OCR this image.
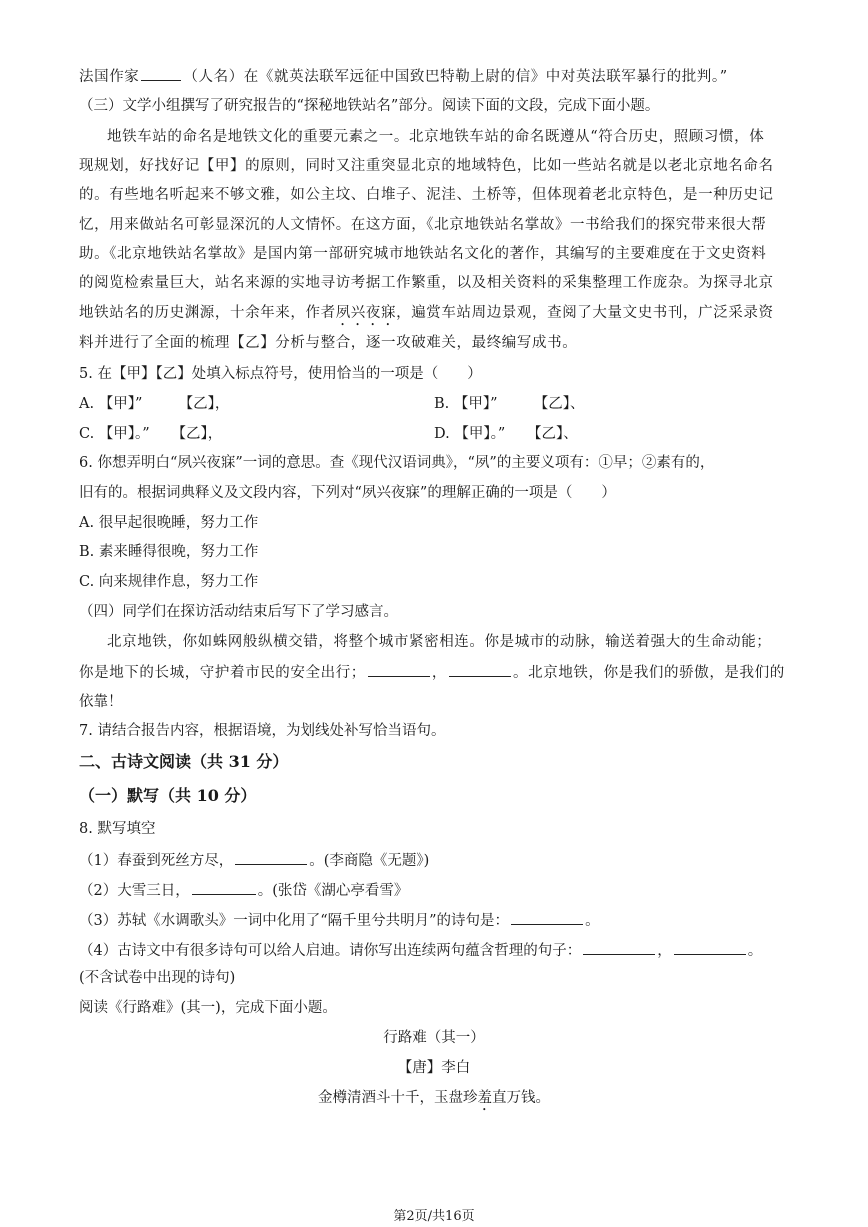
法国作家	（人名）在《就英法联军远征中国致巴特勒上尉的信》中对英法联军暴行的批判。”
（三）文学小组撰写了研究报告的“探秘地铁站名”部分。阅读下面的文段，完成下面小题。
地铁车站的命名是地铁文化的重要元素之一。北京地铁车站的命名既遵从“符合历史，照顾习惯，体
现规划，好找好记【甲】的原则，同时又注重突显北京的地域特色，比如一些站名就是以老北京地名命名
的。有些地名听起来不够文雅，如公主坟、白堆子、泥洼、土桥等，但体现着老北京特色，是一种历史记
忆，用来做站名可彰显深沉的人文情怀。在这方面，《北京地铁站名掌故》一书给我们的探究带来很大帮
助。《北京地铁站名掌故》是国内第一部研究城市地铁站名文化的著作，其编写的主要难度在于文史资料
的阅览检索量巨大，站名来源的实地寻访考据工作繁重，以及相关资料的采集整理工作庞杂。为探寻北京
地铁站名的历史渊源，十余年来，作者夙兴夜寐，遍赏车站周边景观，查阅了大量文史书刊，广泛采录资
料并进行了全面的梳理【乙】分析与整合，逐一攻破难关，最终编写成书。
5. 在【甲】【乙】处填入标点符号，使用恰当的一项是（　　）
A. 【甲】”　　　【乙】，	B. 【甲】”　　　【乙】、
C. 【甲】。”　　【乙】，	D. 【甲】。”　　【乙】、
6. 你想弄明白“夙兴夜寐”一词的意思。查《现代汉语词典》，“夙”的主要义项有：①早；②素有的，
旧有的。根据词典释义及文段内容，下列对“夙兴夜寐”的理解正确的一项是（　　）
A. 很早起很晚睡，努力工作
B. 素来睡得很晚，努力工作
C. 向来规律作息，努力工作
（四）同学们在探访活动结束后写下了学习感言。
北京地铁，你如蛛网般纵横交错，将整个城市紧密相连。你是城市的动脉，输送着强大的生命动能；
你是地下的长城，守护着市民的安全出行；	，	。北京地铁，你是我们的骄傲，是我们的
依靠！
7. 请结合报告内容，根据语境，为划线处补写恰当语句。
二、古诗文阅读（共 31 分）
（一）默写（共 10 分）
8. 默写填空
（1）春蚕到死丝方尽，	。(李商隐《无题》)
（2）大雪三日，	。(张岱《湖心亭看雪》
（3）苏轼《水调歌头》一词中化用了“隔千里兮共明月”的诗句是：	。
（4）古诗文中有很多诗句可以给人启迪。请你写出连续两句蕴含哲理的句子：	，	。
(不含试卷中出现的诗句)
阅读《行路难》(其一)，完成下面小题。
行路难（其一）
【唐】李白
金樽清酒斗十千，玉盘珍羞直万钱。
第2页/共16页
